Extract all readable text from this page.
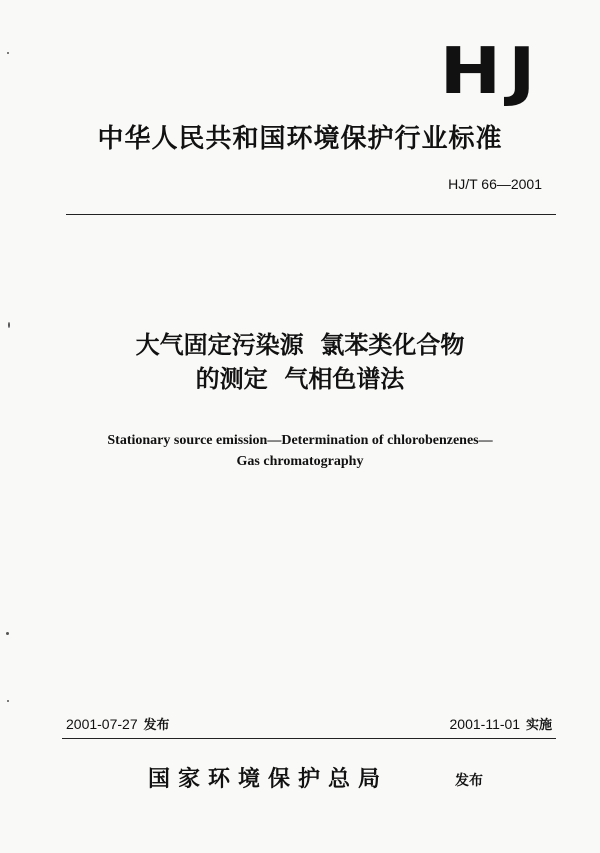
HJ
中华人民共和国环境保护行业标准
HJ/T 66—2001
大气固定污染源  氯苯类化合物
的测定  气相色谱法
Stationary source emission—Determination of chlorobenzenes—
Gas chromatography
2001-07-27 发布	2001-11-01 实施
国家环境保护总局	发布
